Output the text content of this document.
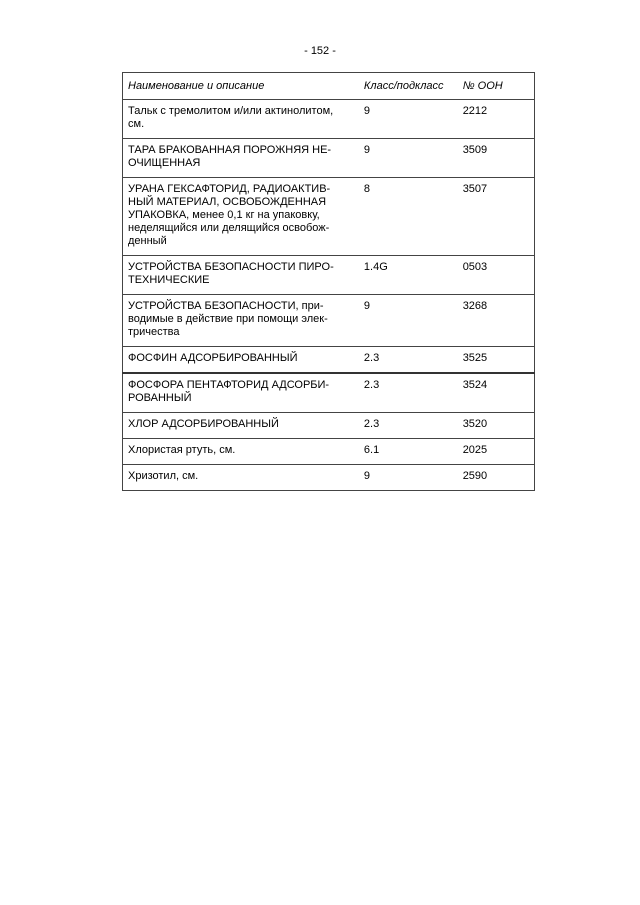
- 152 -
Наименование и описание	Класс/подкласс	№ ООН
Тальк с тремолитом и/или актинолитом,
см.	9	2212
ТАРА БРАКОВАННАЯ ПОРОЖНЯЯ НЕ-
ОЧИЩЕННАЯ	9	3509
УРАНА ГЕКСАФТОРИД, РАДИОАКТИВ-
НЫЙ МАТЕРИАЛ, ОСВОБОЖДЕННАЯ
УПАКОВКА, менее 0,1 кг на упаковку,
неделящийся или делящийся освобож-
денный	8	3507
УСТРОЙСТВА БЕЗОПАСНОСТИ ПИРО-
ТЕХНИЧЕСКИЕ	1.4G	0503
УСТРОЙСТВА БЕЗОПАСНОСТИ, при-
водимые в действие при помощи элек-
тричества	9	3268
ФОСФИН АДСОРБИРОВАННЫЙ	2.3	3525
ФОСФОРА ПЕНТАФТОРИД АДСОРБИ-
РОВАННЫЙ	2.3	3524
ХЛОР АДСОРБИРОВАННЫЙ	2.3	3520
Хлористая ртуть, см.	6.1	2025
Хризотил, см.	9	2590
